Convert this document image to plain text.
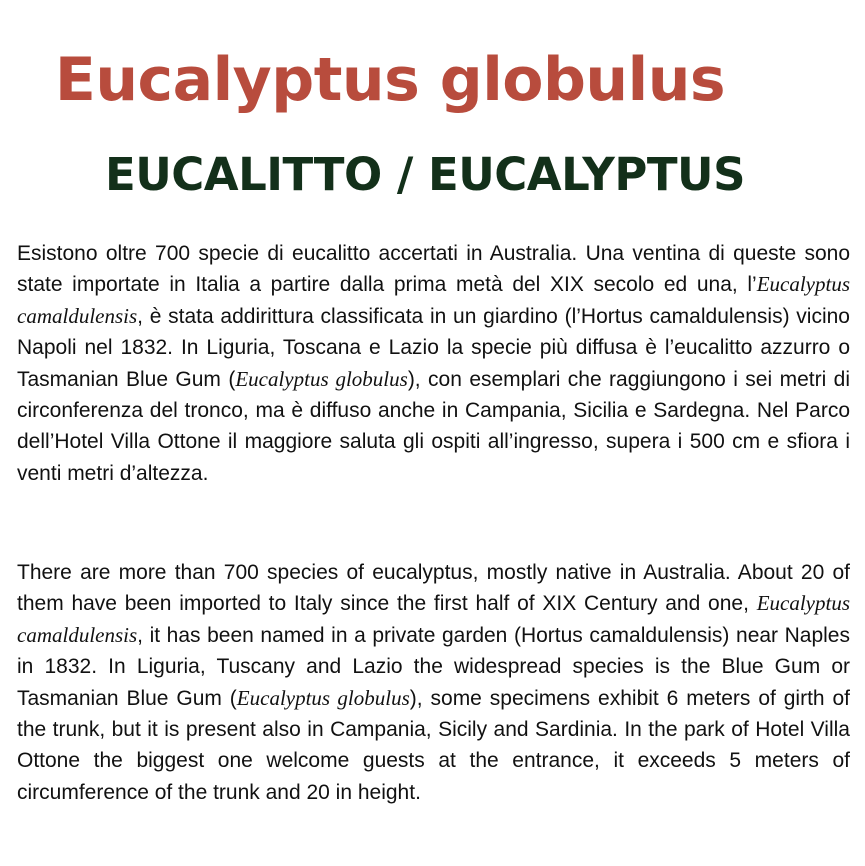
Eucalyptus globulus
EUCALITTO / EUCALYPTUS

Esistono oltre 700 specie di eucalitto accertati in Australia. Una ventina di queste sono state importate in Italia a partire dalla prima metà del XIX secolo ed una, l’Eucalyptus camaldulensis, è stata addirittura classificata in un giardino (l’Hortus camaldulensis) vicino Napoli nel 1832. In Liguria, Toscana e Lazio la specie più diffusa è l’eucalitto azzurro o Tasmanian Blue Gum (Eucalyptus globulus), con esemplari che raggiungono i sei metri di circonferenza del tronco, ma è diffuso anche in Campania, Sicilia e Sardegna. Nel Parco dell’Hotel Villa Ottone il maggiore saluta gli ospiti all’ingresso, supera i 500 cm e sfiora i venti metri d’altezza.

There are more than 700 species of eucalyptus, mostly native in Australia. About 20 of them have been imported to Italy since the first half of XIX Century and one, Eucalyptus camaldulensis, it has been named in a private garden (Hortus camaldulensis) near Naples in 1832. In Liguria, Tuscany and Lazio the widespread species is the Blue Gum or Tasmanian Blue Gum (Eucalyptus globulus), some specimens exhibit 6 meters of girth of the trunk, but it is present also in Campania, Sicily and Sardinia. In the park of Hotel Villa Ottone the biggest one welcome guests at the entrance, it exceeds 5 meters of circumference of the trunk and 20 in height.
